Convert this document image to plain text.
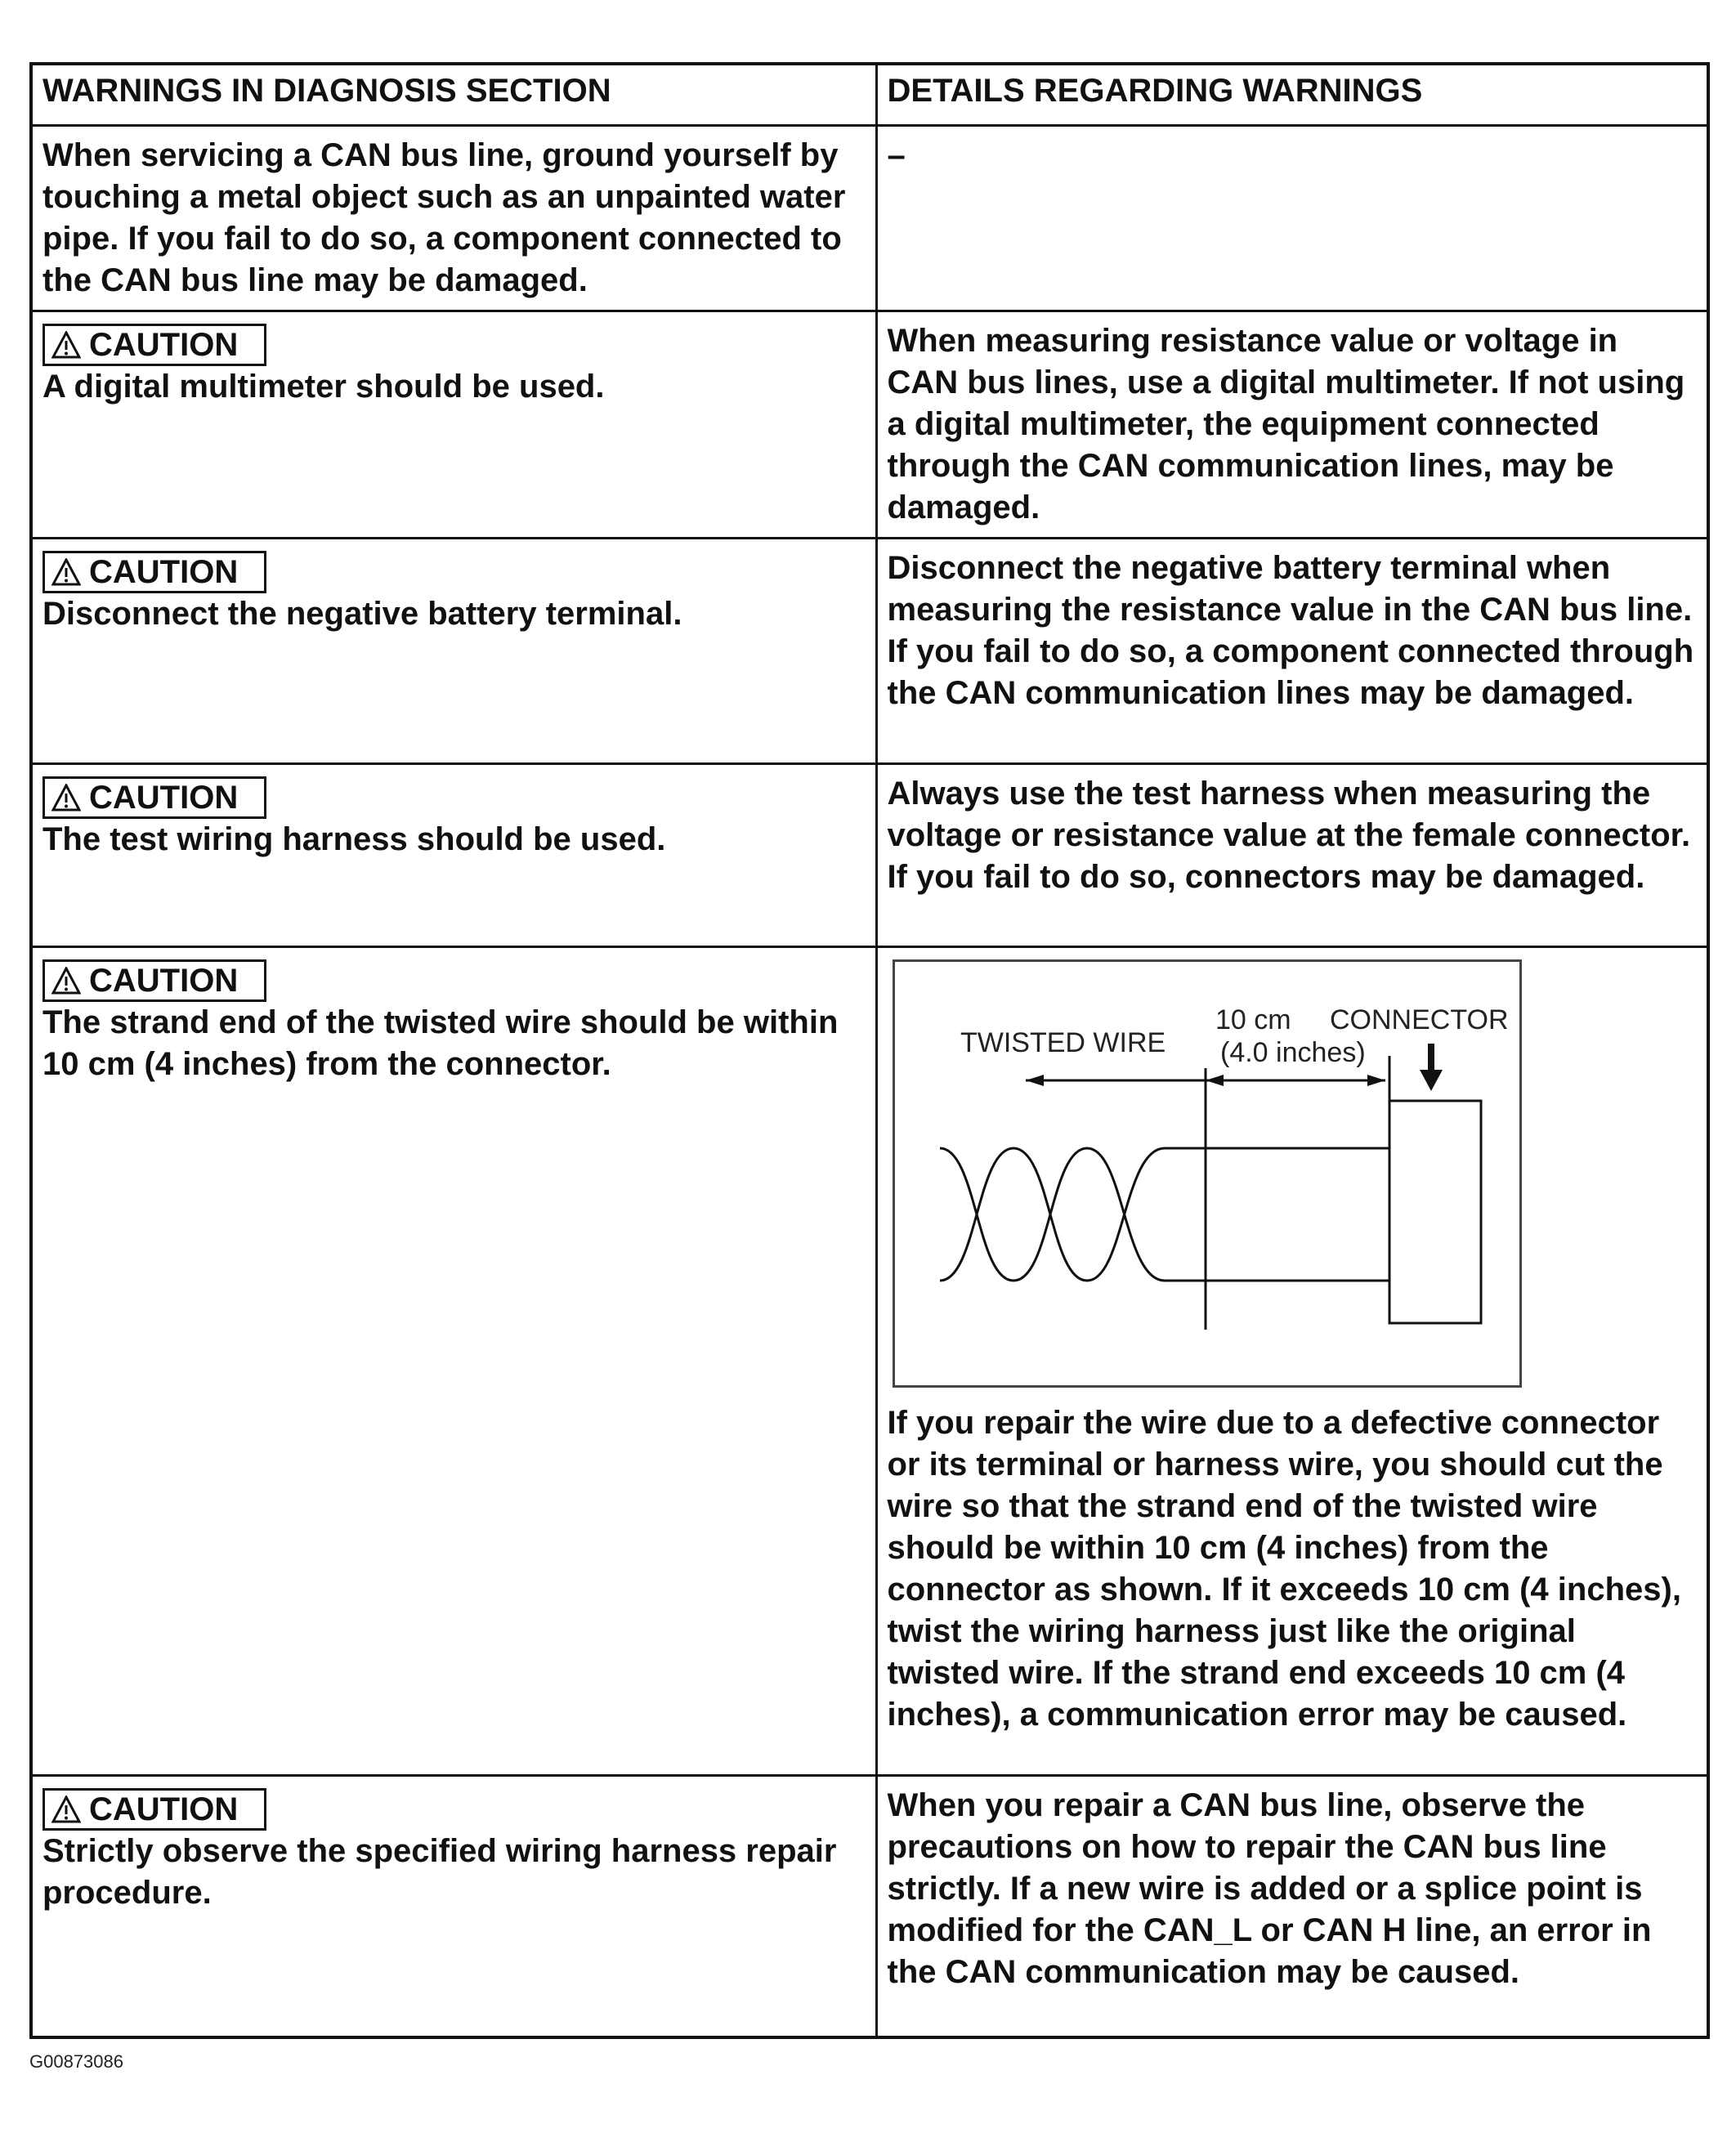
WARNINGS IN DIAGNOSIS SECTION	DETAILS REGARDING WARNINGS

When servicing a CAN bus line, ground yourself by touching a metal object such as an unpainted water pipe. If you fail to do so, a component connected to the CAN bus line may be damaged.	–
CAUTION
A digital multimeter should be used.	When measuring resistance value or voltage in CAN bus lines, use a digital multimeter. If not using a digital multimeter, the equipment connected through the CAN communication lines, may be damaged.
CAUTION
Disconnect the negative battery terminal.	Disconnect the negative battery terminal when measuring the resistance value in the CAN bus line. If you fail to do so, a component connected through the CAN communication lines may be damaged.
CAUTION
The test wiring harness should be used.	Always use the test harness when measuring the voltage or resistance value at the female connector. If you fail to do so, connectors may be damaged.
CAUTION
The strand end of the twisted wire should be within 10 cm (4 inches) from the connector.	TWISTED WIRE
10 cm
(4.0 inches)
CONNECTOR
If you repair the wire due to a defective connector or its terminal or harness wire, you should cut the wire so that the strand end of the twisted wire should be within 10 cm (4 inches) from the connector as shown. If it exceeds 10 cm (4 inches), twist the wiring harness just like the original twisted wire. If the strand end exceeds 10 cm (4 inches), a communication error may be caused.
CAUTION
Strictly observe the specified wiring harness repair procedure.	When you repair a CAN bus line, observe the precautions on how to repair the CAN bus line strictly. If a new wire is added or a splice point is modified for the CAN_L or CAN H line, an error in the CAN communication may be caused.
G00873086
